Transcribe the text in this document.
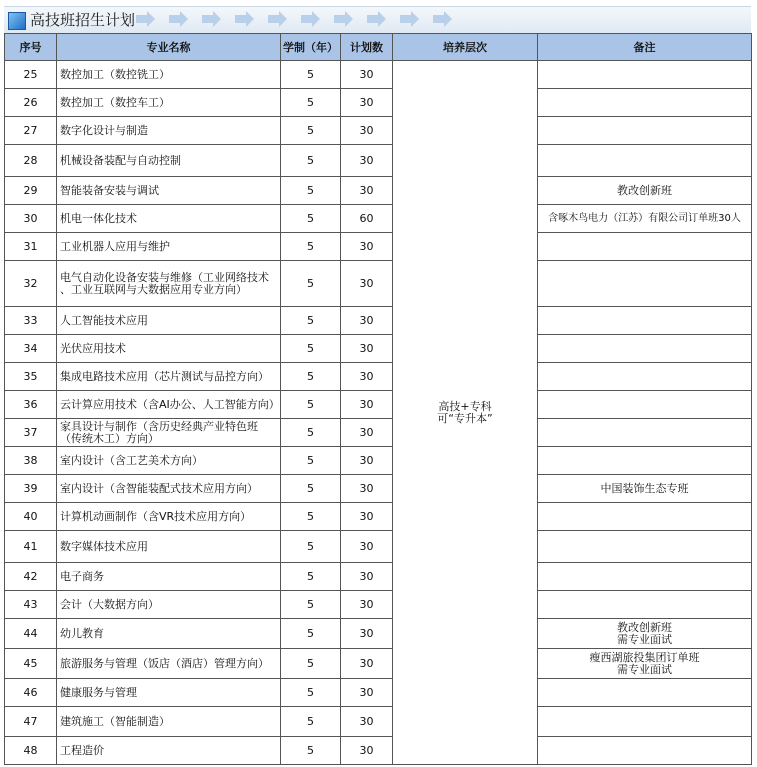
高技班招生计划
序号	专业名称	学制（年）	计划数	培养层次	备注
25	数控加工（数控铣工）	5	30	高技+专科
可“专升本”	

26	数控加工（数控车工）	5	30		
27	数字化设计与制造	5	30		
28	机械设备装配与自动控制	5	30		
29	智能装备安装与调试	5	30		教改创新班
30	机电一体化技术	5	60		含啄木鸟电力（江苏）有限公司订单班30人
31	工业机器人应用与维护	5	30		
32	电气自动化设备安装与维修（工业网络技术
、工业互联网与大数据应用专业方向）	5	30		
33	人工智能技术应用	5	30		
34	光伏应用技术	5	30		
35	集成电路技术应用（芯片测试与品控方向）	5	30		
36	云计算应用技术（含AI办公、人工智能方向）	5	30		
37	家具设计与制作（含历史经典产业特色班
（传统木工）方向）	5	30		
38	室内设计（含工艺美术方向）	5	30		
39	室内设计（含智能装配式技术应用方向）	5	30		中国装饰生态专班
40	计算机动画制作（含VR技术应用方向）	5	30		
41	数字媒体技术应用	5	30		
42	电子商务	5	30		
43	会计（大数据方向）	5	30		
44	幼儿教育	5	30		教改创新班
需专业面试

45	旅游服务与管理（饭店（酒店）管理方向）	5	30		瘦西湖旅投集团订单班
需专业面试

46	健康服务与管理	5	30		
47	建筑施工（智能制造）	5	30		
48	工程造价	5	30		
